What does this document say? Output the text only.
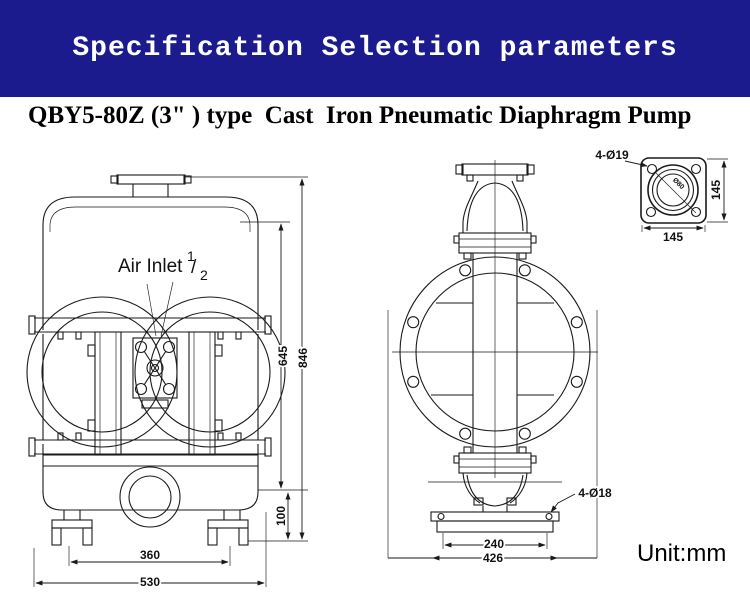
Specification Selection parameters
QBY5-80Z (3" ) type  Cast  Iron Pneumatic Diaphragm Pump
Air Inlet 1
/ 2
645 846
100
360
530
4-Ø18
240
426
Ø80
4-Ø19
145
145
Unit:mm
